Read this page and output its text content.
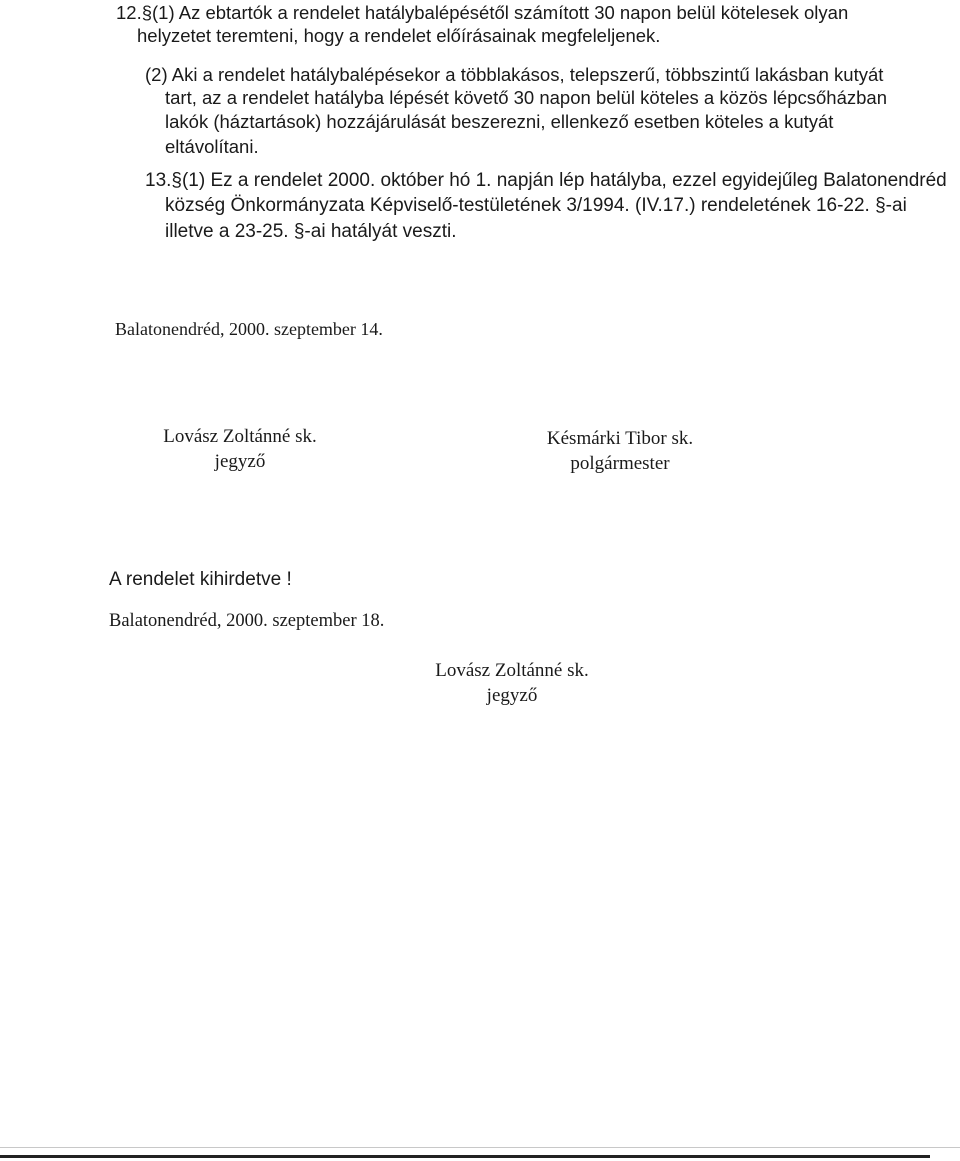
12.§(1) Az ebtartók a rendelet hatálybalépésétől számított 30 napon belül kötelesek olyan
helyzetet teremteni, hogy a rendelet előírásainak megfeleljenek.
(2) Aki a rendelet hatálybalépésekor a többlakásos, telepszerű, többszintű lakásban kutyát
tart, az a rendelet hatályba lépését követő 30 napon belül köteles a közös lépcsőházban
lakók (háztartások) hozzájárulását beszerezni, ellenkező esetben köteles a kutyát
eltávolítani.
13.§(1) Ez a rendelet 2000. október hó 1. napján lép hatályba, ezzel egyidejűleg Balatonendréd
község Önkormányzata Képviselő-testületének 3/1994. (IV.17.) rendeletének 16-22. §-ai
illetve a 23-25. §-ai hatályát veszti.
Balatonendréd, 2000. szeptember 14.
Lovász Zoltánné sk.
jegyző
Késmárki Tibor sk.
polgármester
A rendelet kihirdetve !
Balatonendréd, 2000. szeptember 18.
Lovász Zoltánné sk.
jegyző
